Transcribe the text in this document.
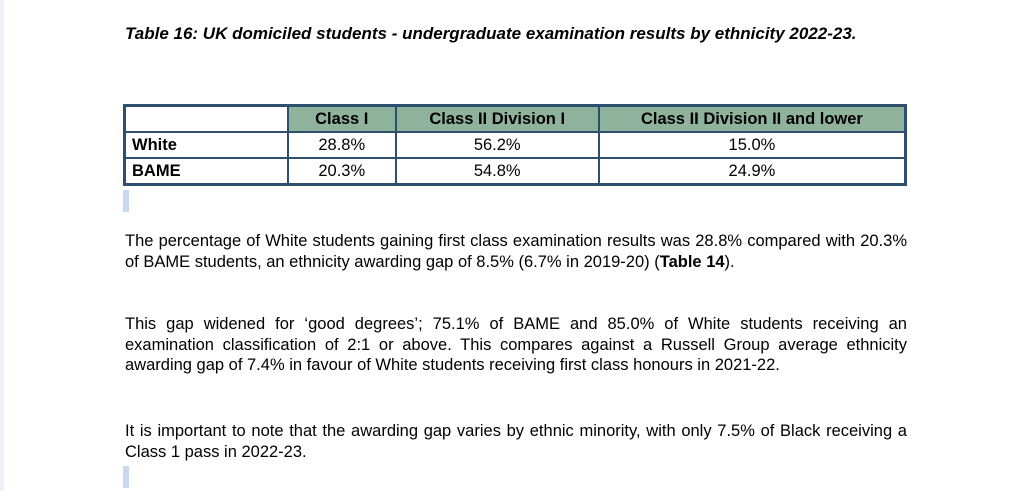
Table 16: UK domiciled students - undergraduate examination results by ethnicity 2022-23.

	Class I	Class II Division I	Class II Division II and lower
White	28.8%	56.2%	15.0%
BAME	20.3%	54.8%	24.9%

The percentage of White students gaining first class examination results was 28.8% compared with 20.3% of BAME students, an ethnicity awarding gap of 8.5% (6.7% in 2019-20) (Table 14).

This gap widened for ‘good degrees’; 75.1% of BAME and 85.0% of White students receiving an examination classification of 2:1 or above. This compares against a Russell Group average ethnicity awarding gap of 7.4% in favour of White students receiving first class honours in 2021-22.

It is important to note that the awarding gap varies by ethnic minority, with only 7.5% of Black receiving a Class 1 pass in 2022-23.
